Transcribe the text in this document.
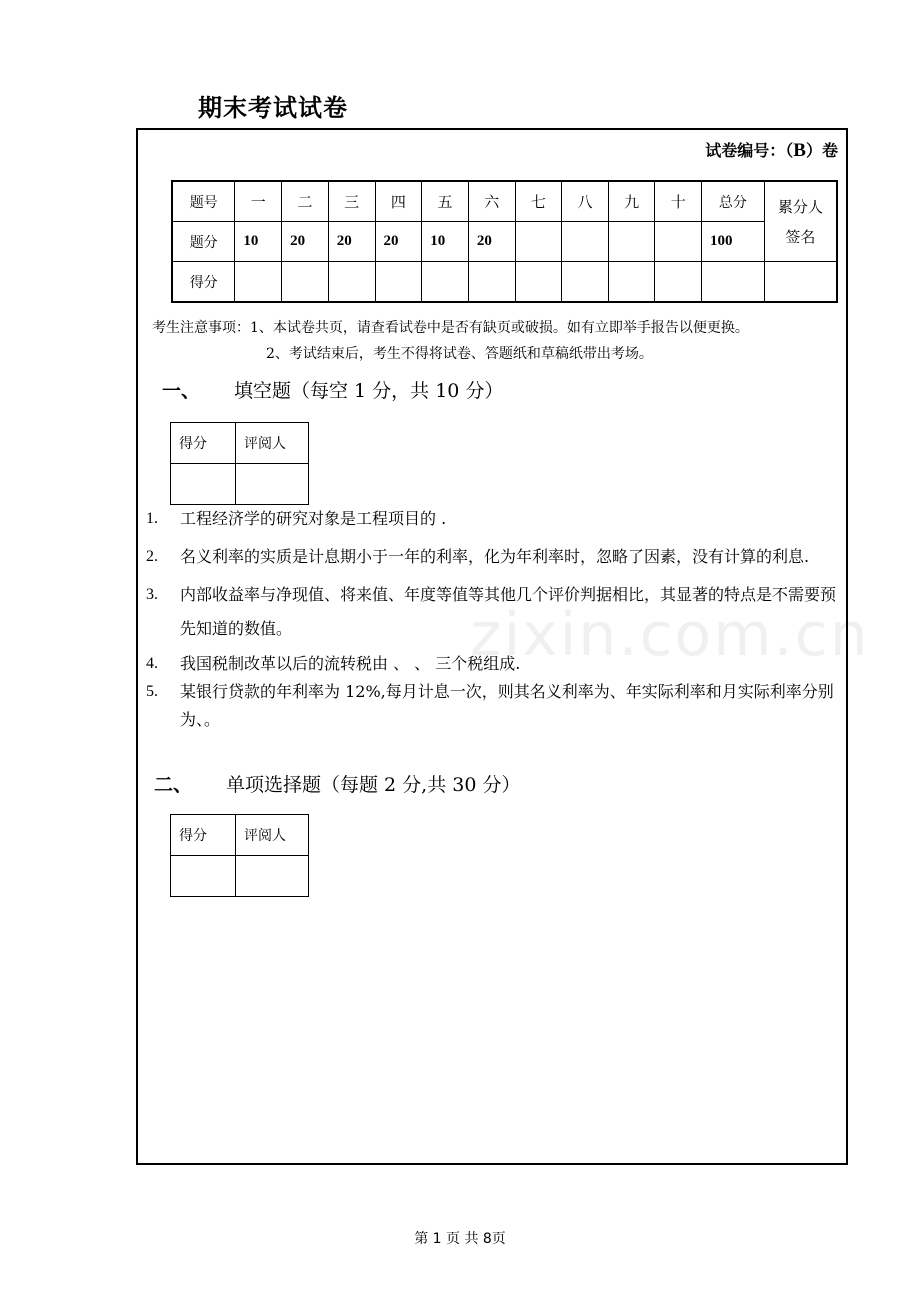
期末考试试卷
试卷编号：（B）卷
题号	一	二	三	四	五	六	七	八	九	十	总分	累分人
签名

题分	10	20	20	20	10	20					100	
得分												
考生注意事项：1、本试卷共页，请查看试卷中是否有缺页或破损。如有立即举手报告以便更换。
2、考试结束后，考生不得将试卷、答题纸和草稿纸带出考场。
一、 填空题（每空 1 分，共 10 分）
得分	评阅人

1. 工程经济学的研究对象是工程项目的 .
2. 名义利率的实质是计息期小于一年的利率，化为年利率时，忽略了因素，没有计算的利息.
3. 内部收益率与净现值、将来值、年度等值等其他几个评价判据相比，其显著的特点是不需要预先知道的数值。
4. 我国税制改革以后的流转税由 、 、 三个税组成.
5. 某银行贷款的年利率为 12%,每月计息一次，则其名义利率为、年实际利率和月实际利率分别为、。
二、 单项选择题（每题 2 分,共 30 分）
得分	评阅人

zixin.com.cn
第 1 页 共 8页
